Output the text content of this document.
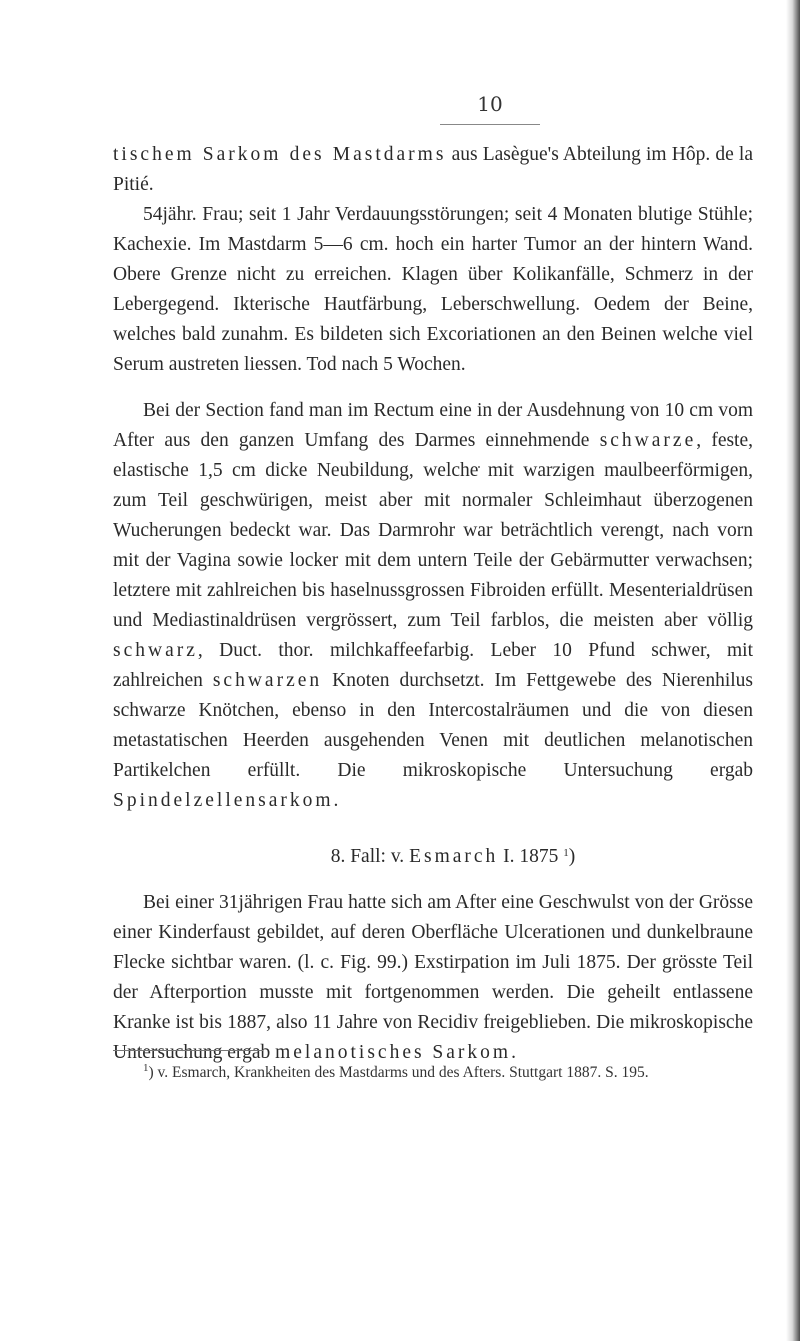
10

tischem Sarkom des Mastdarms aus Lasègue's Abteilung im Hôp. de la Pitié.

54jähr. Frau; seit 1 Jahr Verdauungsstörungen; seit 4 Monaten blutige Stühle; Kachexie. Im Mastdarm 5—6 cm. hoch ein harter Tumor an der hintern Wand. Obere Grenze nicht zu erreichen. Klagen über Kolikanfälle, Schmerz in der Lebergegend. Ikterische Hautfärbung, Leberschwellung. Oedem der Beine, welches bald zunahm. Es bildeten sich Excoriationen an den Beinen welche viel Serum austreten liessen. Tod nach 5 Wochen.

Bei der Section fand man im Rectum eine in der Ausdehnung von 10 cm vom After aus den ganzen Umfang des Darmes einnehmende schwarze, feste, elastische 1,5 cm dicke Neubildung, welche mit warzigen maulbeerförmigen, zum Teil geschwürigen, meist aber mit normaler Schleimhaut überzogenen Wucherungen bedeckt war. Das Darmrohr war beträchtlich verengt, nach vorn mit der Vagina sowie locker mit dem untern Teile der Gebärmutter verwachsen; letztere mit zahlreichen bis haselnussgrossen Fibroiden erfüllt. Mesenterialdrüsen und Mediastinaldrüsen vergrössert, zum Teil farblos, die meisten aber völlig schwarz, Duct. thor. milchkaffeefarbig. Leber 10 Pfund schwer, mit zahlreichen schwarzen Knoten durchsetzt. Im Fettgewebe des Nierenhilus schwarze Knötchen, ebenso in den Intercostalräumen und die von diesen metastatischen Heerden ausgehenden Venen mit deutlichen melanotischen Partikelchen erfüllt. Die mikroskopische Untersuchung ergab Spindelzellensarkom.

8. Fall: v. Esmarch I. 1875 $^1$)

Bei einer 31jährigen Frau hatte sich am After eine Geschwulst von der Grösse einer Kinderfaust gebildet, auf deren Oberfläche Ulcerationen und dunkelbraune Flecke sichtbar waren. (l. c. Fig. 99.) Exstirpation im Juli 1875. Der grösste Teil der Afterportion musste mit fortgenommen werden. Die geheilt entlassene Kranke ist bis 1887, also 11 Jahre von Recidiv freigeblieben. Die mikroskopische Untersuchung ergab melanotisches Sarkom.

$^1$) v. Esmarch, Krankheiten des Mastdarms und des Afters. Stuttgart 1887. S. 195.
